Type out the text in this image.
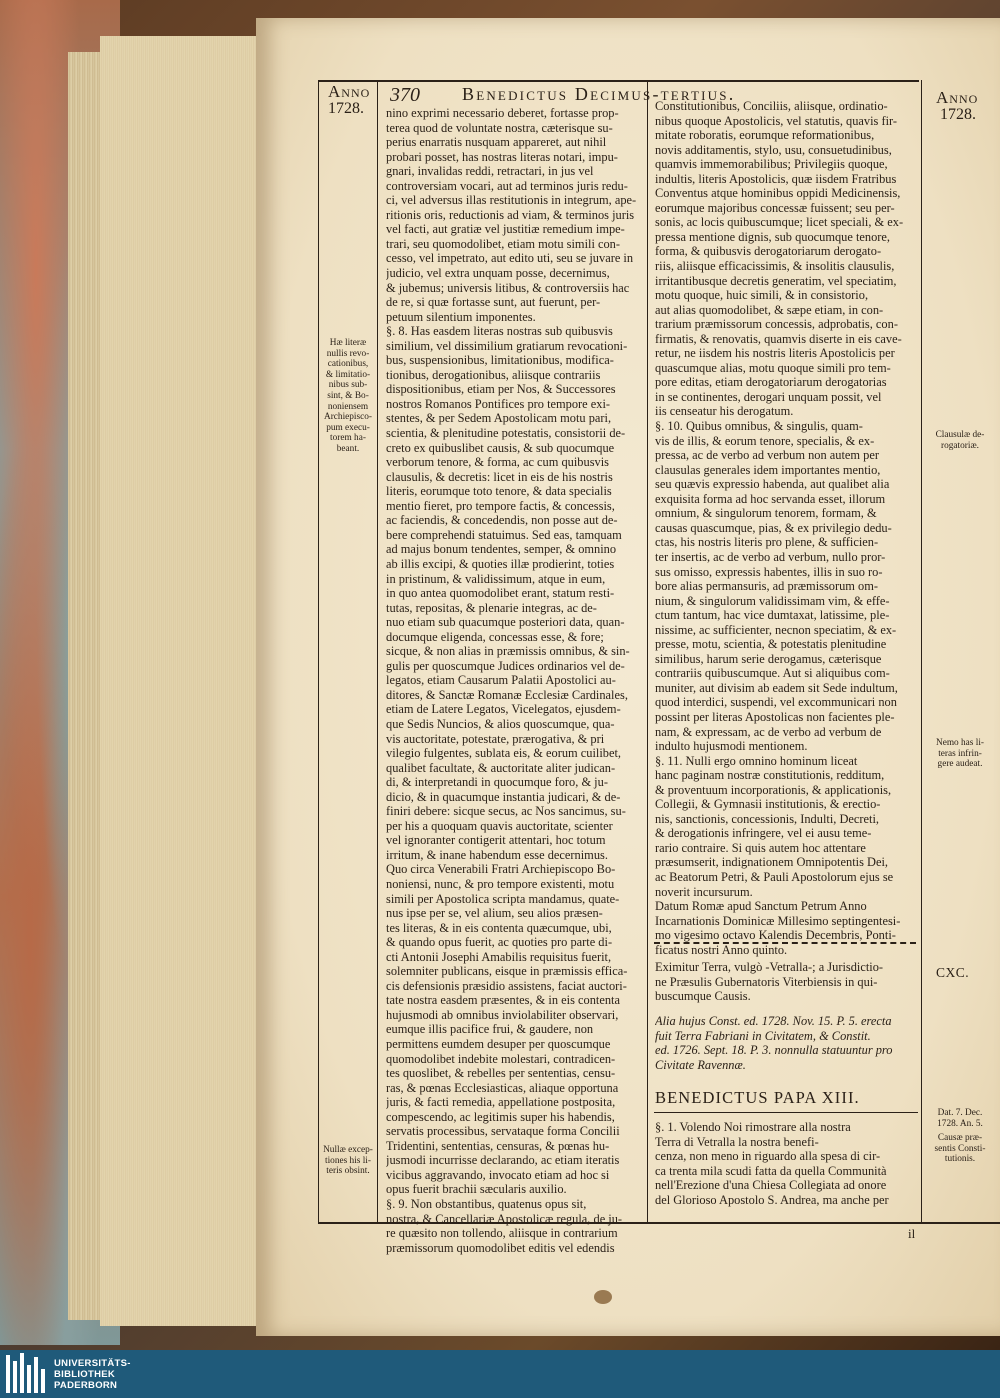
Anno
1728.
370 Benedictus Decimus-tertius.	Anno
1728.
nino exprimi necessario deberet, fortasse prop-
terea quod de voluntate nostra, cæterisque su-
perius enarratis nusquam appareret, aut nihil
probari posset, has nostras literas notari, impu-
gnari, invalidas reddi, retractari, in jus vel
controversiam vocari, aut ad terminos juris redu-
ci, vel adversus illas restitutionis in integrum, ape-
ritionis oris, reductionis ad viam, & terminos juris
vel facti, aut gratiæ vel justitiæ remedium impe-
trari, seu quomodolibet, etiam motu simili con-
cesso, vel impetrato, aut edito uti, seu se juvare in
judicio, vel extra unquam posse, decernimus,
& jubemus; universis litibus, & controversiis hac
de re, si quæ fortasse sunt, aut fuerunt, per-
petuum silentium imponentes.
§. 8. Has easdem literas nostras sub quibusvis
similium, vel dissimilium gratiarum revocationi-
bus, suspensionibus, limitationibus, modifica-
tionibus, derogationibus, aliisque contrariis
dispositionibus, etiam per Nos, & Successores
nostros Romanos Pontifices pro tempore exi-
stentes, & per Sedem Apostolicam motu pari,
scientia, & plenitudine potestatis, consistorii de-
creto ex quibuslibet causis, & sub quocumque
verborum tenore, & forma, ac cum quibusvis
clausulis, & decretis: licet in eis de his nostris
literis, eorumque toto tenore, & data specialis
mentio fieret, pro tempore factis, & concessis,
ac faciendis, & concedendis, non posse aut de-
bere comprehendi statuimus. Sed eas, tamquam
ad majus bonum tendentes, semper, & omnino
ab illis excipi, & quoties illæ prodierint, toties
in pristinum, & validissimum, atque in eum,
in quo antea quomodolibet erant, statum resti-
tutas, repositas, & plenarie integras, ac de-
nuo etiam sub quacumque posteriori data, quan-
documque eligenda, concessas esse, & fore;
sicque, & non alias in præmissis omnibus, & sin-
gulis per quoscumque Judices ordinarios vel de-
legatos, etiam Causarum Palatii Apostolici au-
ditores, & Sanctæ Romanæ Ecclesiæ Cardinales,
etiam de Latere Legatos, Vicelegatos, ejusdem-
que Sedis Nuncios, & alios quoscumque, qua-
vis auctoritate, potestate, prærogativa, & pri
vilegio fulgentes, sublata eis, & eorum cuilibet,
qualibet facultate, & auctoritate aliter judican-
di, & interpretandi in quocumque foro, & ju-
dicio, & in quacumque instantia judicari, & de-
finiri debere: sicque secus, ac Nos sancimus, su-
per his a quoquam quavis auctoritate, scienter
vel ignoranter contigerit attentari, hoc totum
irritum, & inane habendum esse decernimus.
Quo circa Venerabili Fratri Archiepiscopo Bo-
noniensi, nunc, & pro tempore existenti, motu
simili per Apostolica scripta mandamus, quate-
nus ipse per se, vel alium, seu alios præsen-
tes literas, & in eis contenta quæcumque, ubi,
& quando opus fuerit, ac quoties pro parte di-
cti Antonii Josephi Amabilis requisitus fuerit,
solemniter publicans, eisque in præmissis effica-
cis defensionis præsidio assistens, faciat auctori-
tate nostra easdem præsentes, & in eis contenta
hujusmodi ab omnibus inviolabiliter observari,
eumque illis pacifice frui, & gaudere, non
permittens eumdem desuper per quoscumque
quomodolibet indebite molestari, contradicen-
tes quoslibet, & rebelles per sententias, censu-
ras, & pœnas Ecclesiasticas, aliaque opportuna
juris, & facti remedia, appellatione postposita,
compescendo, ac legitimis super his habendis,
servatis processibus, servataque forma Concilii
Tridentini, sententias, censuras, & pœnas hu-
jusmodi incurrisse declarando, ac etiam iteratis
vicibus aggravando, invocato etiam ad hoc si
opus fuerit brachii sæcularis auxilio.
§. 9. Non obstantibus, quatenus opus sit,
nostra, & Cancellariæ Apostolicæ regula, de ju-
re quæsito non tollendo, aliisque in contrarium
præmissorum quomodolibet editis vel edendis
Constitutionibus, Conciliis, aliisque, ordinatio-
nibus quoque Apostolicis, vel statutis, quavis fir-
mitate roboratis, eorumque reformationibus,
novis additamentis, stylo, usu, consuetudinibus,
quamvis immemorabilibus; Privilegiis quoque,
indultis, literis Apostolicis, quæ iisdem Fratribus
Conventus atque hominibus oppidi Medicinensis,
eorumque majoribus concessæ fuissent; seu per-
sonis, ac locis quibuscumque; licet speciali, & ex-
pressa mentione dignis, sub quocumque tenore,
forma, & quibusvis derogatoriarum derogato-
riis, aliisque efficacissimis, & insolitis clausulis,
irritantibusque decretis generatim, vel speciatim,
motu quoque, huic simili, & in consistorio,
aut alias quomodolibet, & sæpe etiam, in con-
trarium præmissorum concessis, adprobatis, con-
firmatis, & renovatis, quamvis diserte in eis cave-
retur, ne iisdem his nostris literis Apostolicis per
quascumque alias, motu quoque simili pro tem-
pore editas, etiam derogatoriarum derogatorias
in se continentes, derogari unquam possit, vel
iis censeatur his derogatum.
§. 10. Quibus omnibus, & singulis, quam-
vis de illis, & eorum tenore, specialis, & ex-
pressa, ac de verbo ad verbum non autem per
clausulas generales idem importantes mentio,
seu quævis expressio habenda, aut qualibet alia
exquisita forma ad hoc servanda esset, illorum
omnium, & singulorum tenorem, formam, &
causas quascumque, pias, & ex privilegio dedu-
ctas, his nostris literis pro plene, & sufficien-
ter insertis, ac de verbo ad verbum, nullo pror-
sus omisso, expressis habentes, illis in suo ro-
bore alias permansuris, ad præmissorum om-
nium, & singulorum validissimam vim, & effe-
ctum tantum, hac vice dumtaxat, latissime, ple-
nissime, ac sufficienter, necnon speciatim, & ex-
presse, motu, scientia, & potestatis plenitudine
similibus, harum serie derogamus, cæterisque
contrariis quibuscumque. Aut si aliquibus com-
muniter, aut divisim ab eadem sit Sede indultum,
quod interdici, suspendi, vel excommunicari non
possint per literas Apostolicas non facientes ple-
nam, & expressam, ac de verbo ad verbum de
indulto hujusmodi mentionem.
§. 11. Nulli ergo omnino hominum liceat
hanc paginam nostræ constitutionis, redditum,
& proventuum incorporationis, & applicationis,
Collegii, & Gymnasii institutionis, & erectio-
nis, sanctionis, concessionis, Indulti, Decreti,
& derogationis infringere, vel ei ausu teme-
rario contraire. Si quis autem hoc attentare
præsumserit, indignationem Omnipotentis Dei,
ac Beatorum Petri, & Pauli Apostolorum ejus se
noverit incursurum.
Datum Romæ apud Sanctum Petrum Anno
Incarnationis Dominicæ Millesimo septingentesi-
mo vigesimo octavo Kalendis Decembris, Ponti-
ficatus nostri Anno quinto.
Eximitur Terra, vulgò -Vetralla-; a Jurisdictio-
ne Præsulis Gubernatoris Viterbiensis in qui-
buscumque Causis.
Alia hujus Const. ed. 1728. Nov. 15. P. 5. erecta
fuit Terra Fabriani in Civitatem, & Constit.
ed. 1726. Sept. 18. P. 3. nonnulla statuuntur pro
Civitate Ravennæ.
BENEDICTUS PAPA XIII.
§. 1. Volendo Noi rimostrare alla nostra
Terra di Vetralla la nostra benefi-
cenza, non meno in riguardo alla spesa di cir-
ca trenta mila scudi fatta da quella Communità
nell'Erezione d'una Chiesa Collegiata ad onore
del Glorioso Apostolo S. Andrea, ma anche per
il
Hæ literæ
nullis revo-
cationibus,
& limitatio-
nibus sub-
sint, & Bo-
noniensem
Archiepisco-
pum execu-
torem ha-
beant.
Nullæ excep-
tiones his li-
teris obsint.
Clausulæ de-
rogatoriæ.
Nemo has li-
teras infrin-
gere audeat.
CXC.
Dat. 7. Dec.
1728. An. 5.
Causæ præ-
sentis Consti-
tutionis.
UNIVERSITÄTS-
BIBLIOTHEK
PADERBORN
